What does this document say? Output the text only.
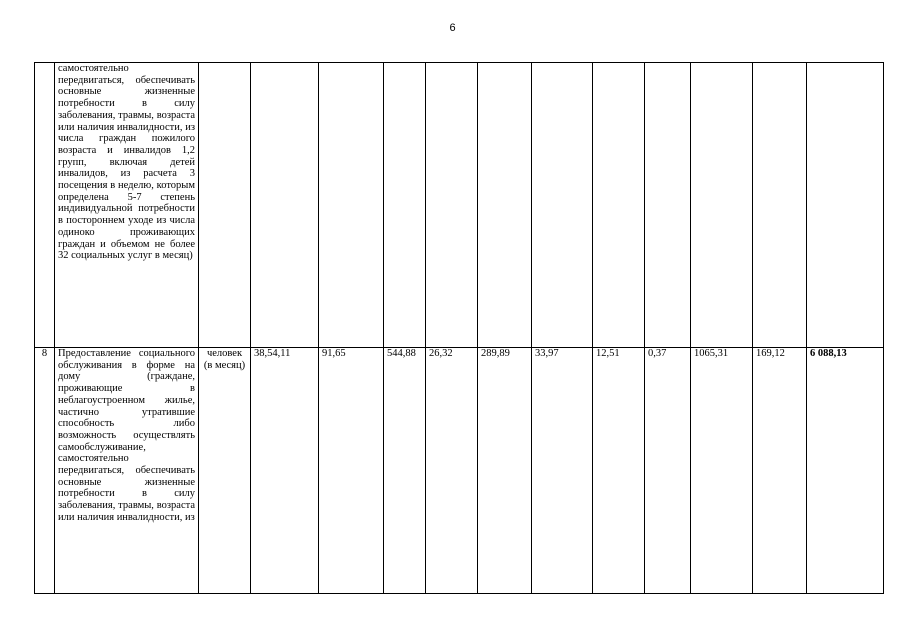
6
	самостоятельно передвигаться, обеспечивать основные жизненные потребности в силу заболевания, травмы, возраста или наличия инвалидности, из числа граждан пожилого возраста и инвалидов 1,2 групп, включая детей инвалидов, из расчета 3 посещения в неделю, которым определена 5-7 степень индивидуальной потребности в постороннем уходе из числа одиноко проживающих граждан и объемом не более 32 социальных услуг в месяц)												
8	Предоставление социального обслуживания в форме на дому (граждане, проживающие в неблагоустроенном жилье, частично утратившие способность либо возможность осуществлять самообслуживание, самостоятельно передвигаться, обеспечивать основные жизненные потребности в силу заболевания, травмы, возраста или наличия инвалидности, из	человек (в месяц)	38,54,11	91,65	544,88	26,32	289,89	33,97	12,51	0,37	1065,31	169,12	6 088,13
